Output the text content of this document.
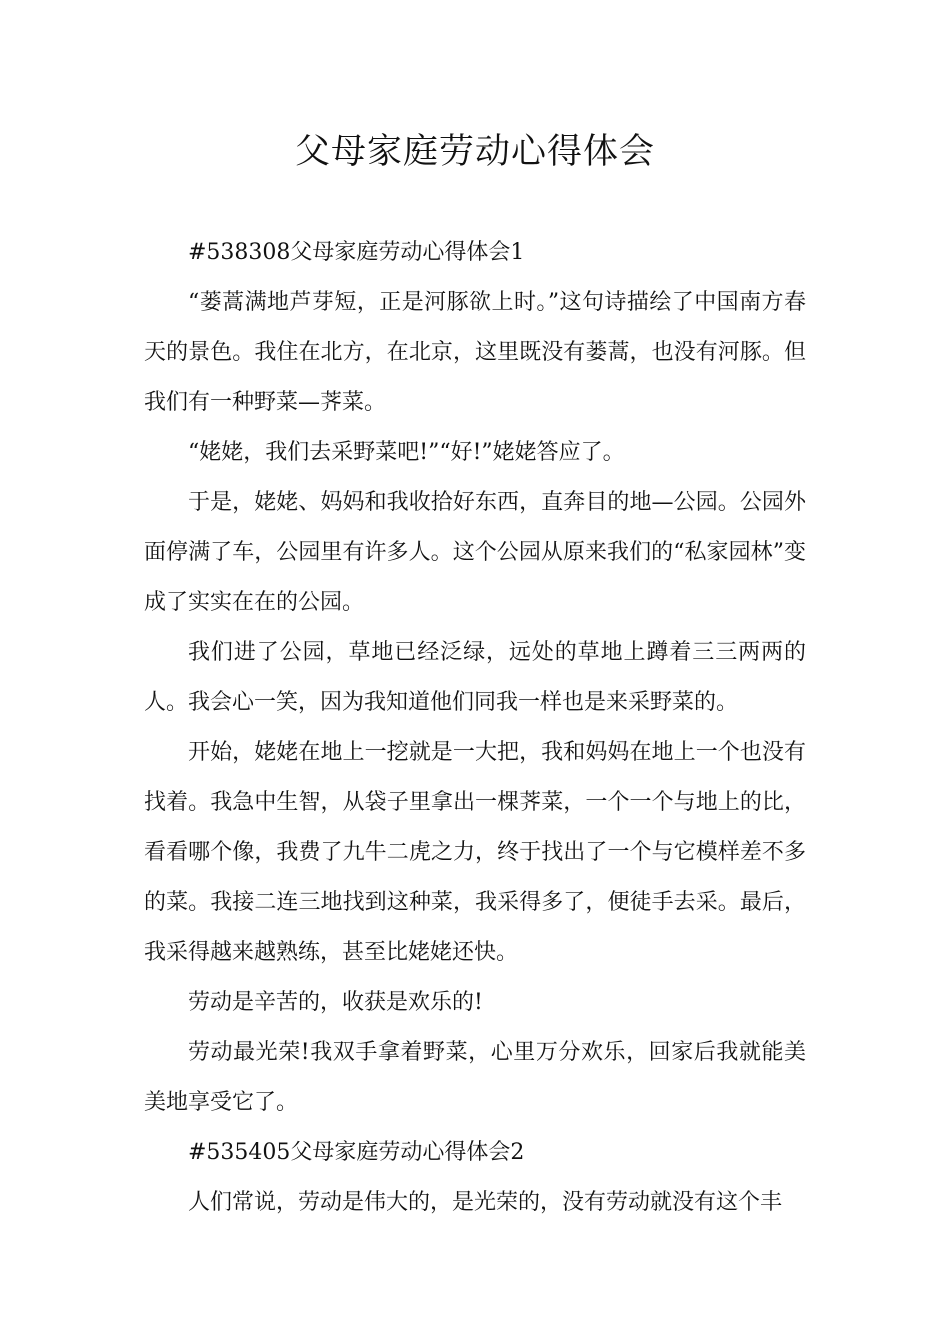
父母家庭劳动心得体会

#538308父母家庭劳动心得体会1

“蒌蒿满地芦芽短，正是河豚欲上时。”这句诗描绘了中国南方春天的景色。我住在北方，在北京，这里既没有蒌蒿，也没有河豚。但我们有一种野菜—荠菜。

“姥姥，我们去采野菜吧!”“好!”姥姥答应了。

于是，姥姥、妈妈和我收拾好东西，直奔目的地—公园。公园外面停满了车，公园里有许多人。这个公园从原来我们的“私家园林”变成了实实在在的公园。

我们进了公园，草地已经泛绿，远处的草地上蹲着三三两两的人。我会心一笑，因为我知道他们同我一样也是来采野菜的。

开始，姥姥在地上一挖就是一大把，我和妈妈在地上一个也没有找着。我急中生智，从袋子里拿出一棵荠菜，一个一个与地上的比，看看哪个像，我费了九牛二虎之力，终于找出了一个与它模样差不多的菜。我接二连三地找到这种菜，我采得多了，便徒手去采。最后，我采得越来越熟练，甚至比姥姥还快。

劳动是辛苦的，收获是欢乐的!

劳动最光荣!我双手拿着野菜，心里万分欢乐，回家后我就能美美地享受它了。

#535405父母家庭劳动心得体会2

人们常说，劳动是伟大的，是光荣的，没有劳动就没有这个丰
